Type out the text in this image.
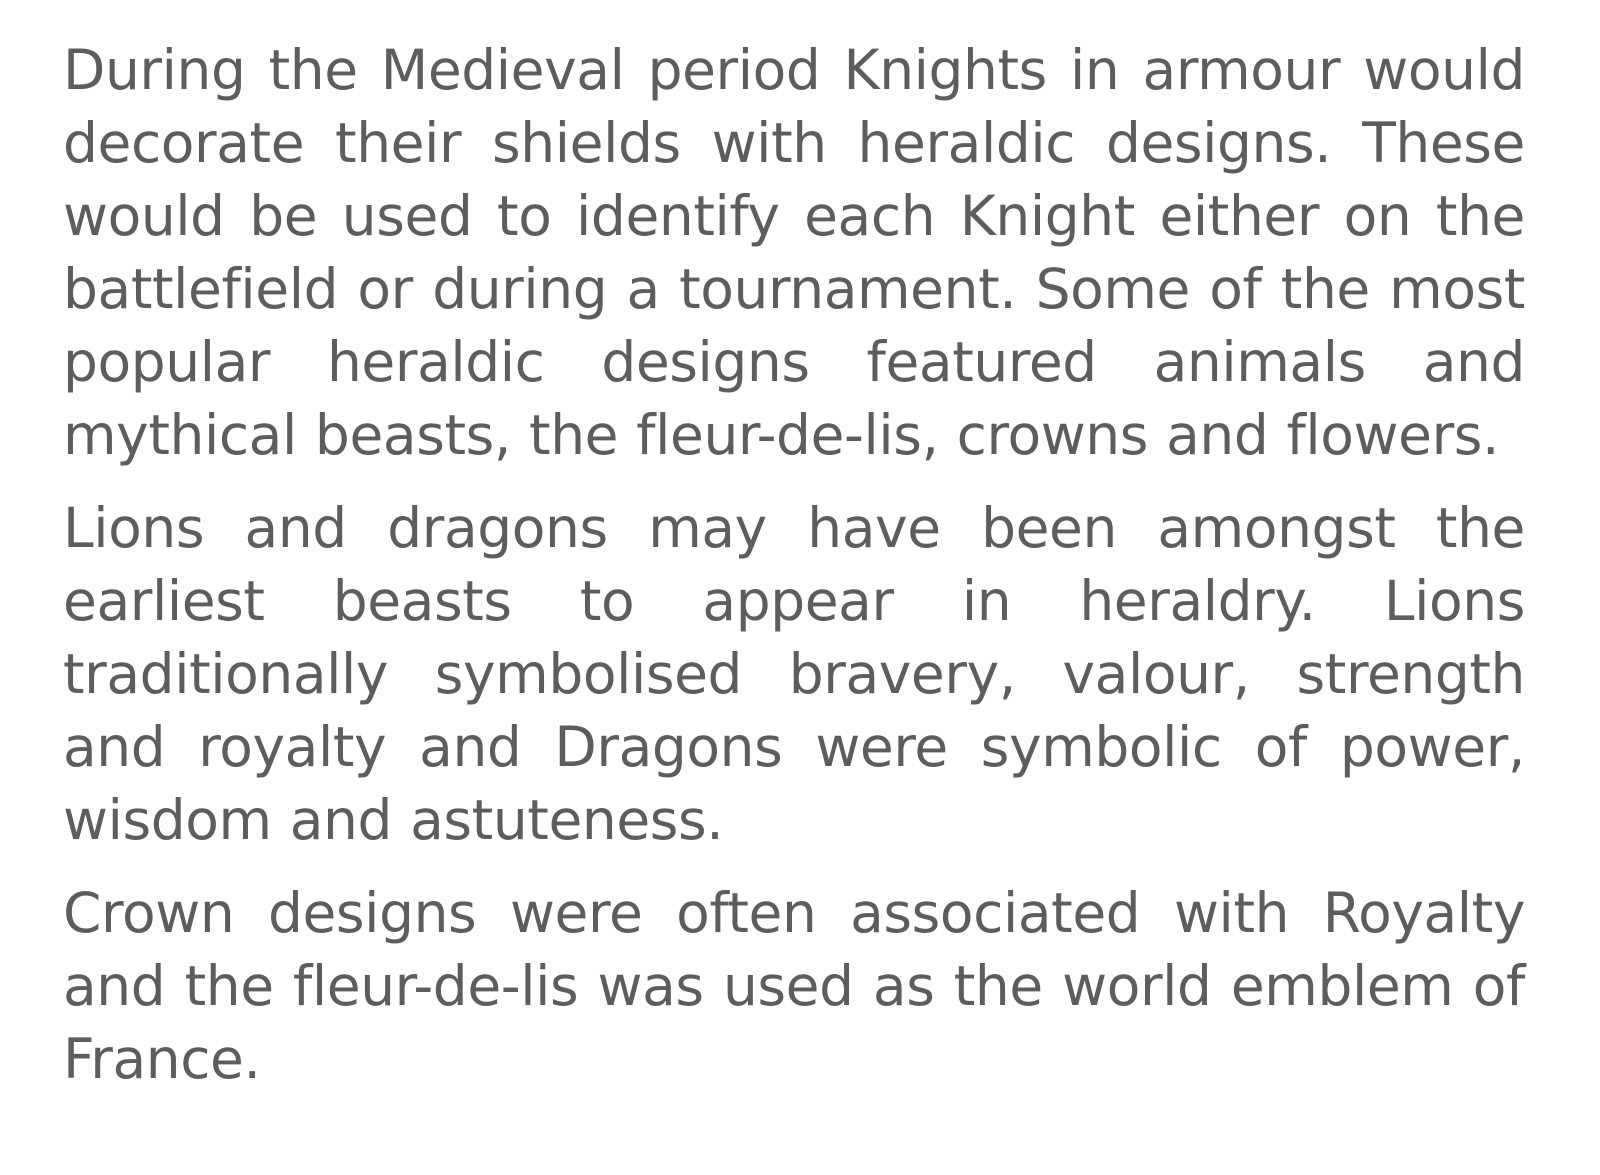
During the Medieval period Knights in armour would decorate their shields with heraldic designs. These would be used to identify each Knight either on the battlefield or during a tournament. Some of the most popular heraldic designs featured animals and mythical beasts, the fleur-de-lis, crowns and flowers.

Lions and dragons may have been amongst the earliest beasts to appear in heraldry. Lions traditionally symbolised bravery, valour, strength and royalty and Dragons were symbolic of power, wisdom and astuteness.

Crown designs were often associated with Royalty and the fleur-de-lis was used as the world emblem of France.
